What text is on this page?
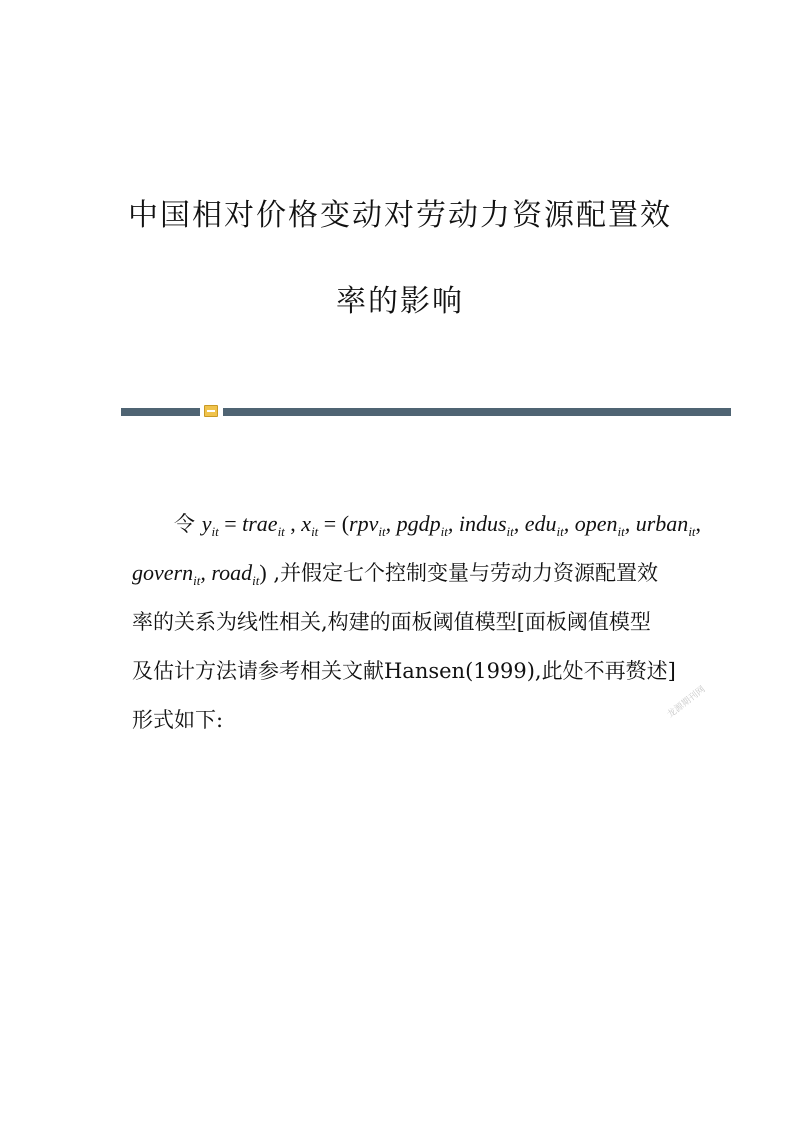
中国相对价格变动对劳动力资源配置效
率的影响
令 $y_{it}$ = trae$_{it}$ , $x_{it} = (rpv_{it}$, pgdp$_{it}$, indus$_{it}$, edu$_{it}$, open$_{it}$, urban$_{it}$,
govern$_{it}$, road$_{it}$) ,并假定七个控制变量与劳动力资源配置效
率的关系为线性相关,构建的面板阈值模型[面板阈值模型
及估计方法请参考相关文献Hansen(1999),此处不再赘述]
形式如下:	龙源期刊网
